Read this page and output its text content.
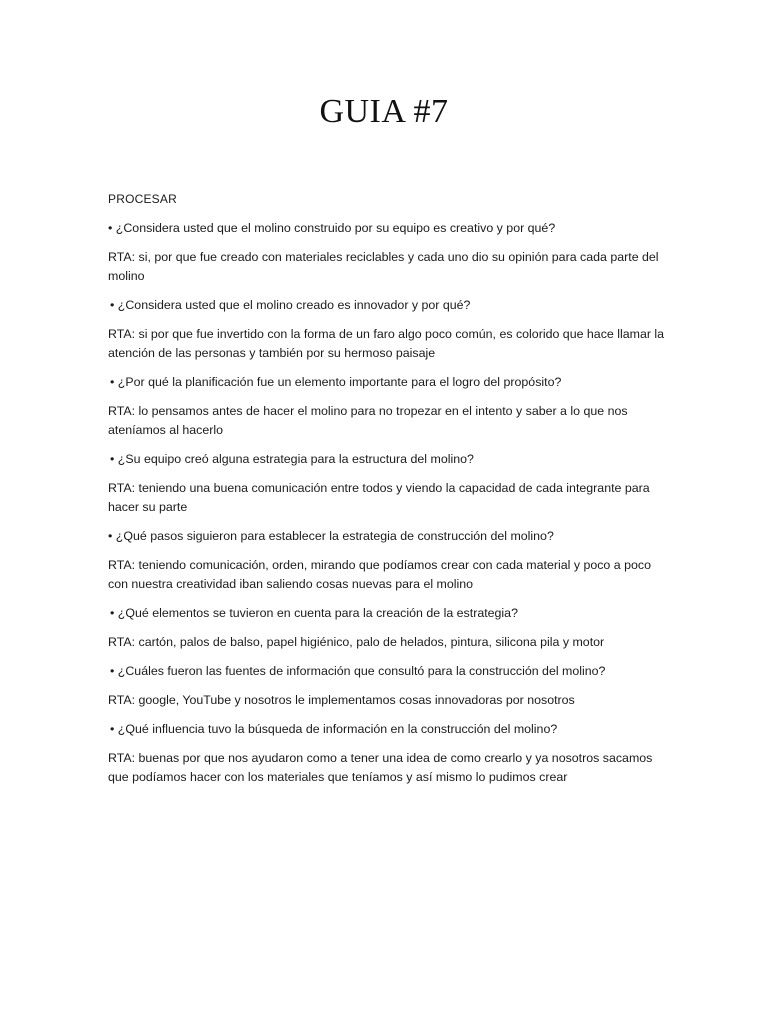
GUIA #7

PROCESAR

• ¿Considera usted que el molino construido por su equipo es creativo y por qué?

RTA: si, por que fue creado con materiales reciclables y cada uno dio su opinión para cada parte del molino

• ¿Considera usted que el molino creado es innovador y por qué?

RTA: si por que fue invertido con la forma de un faro algo poco común, es colorido que hace llamar la atención de las personas y también por su hermoso paisaje

• ¿Por qué la planificación fue un elemento importante para el logro del propósito?

RTA: lo pensamos antes de hacer el molino para no tropezar en el intento y saber a lo que nos ateníamos al hacerlo

• ¿Su equipo creó alguna estrategia para la estructura del molino?

RTA: teniendo una buena comunicación entre todos y viendo la capacidad de cada integrante para hacer su parte

• ¿Qué pasos siguieron para establecer la estrategia de construcción del molino?

RTA: teniendo comunicación, orden, mirando que podíamos crear con cada material y poco a poco con nuestra creatividad iban saliendo cosas nuevas para el molino

• ¿Qué elementos se tuvieron en cuenta para la creación de la estrategia?

RTA: cartón, palos de balso, papel higiénico, palo de helados, pintura, silicona pila y motor

• ¿Cuáles fueron las fuentes de información que consultó para la construcción del molino?

RTA: google, YouTube y nosotros le implementamos cosas innovadoras por nosotros

• ¿Qué influencia tuvo la búsqueda de información en la construcción del molino?

RTA: buenas por que nos ayudaron como a tener una idea de como crearlo y ya nosotros sacamos que podíamos hacer con los materiales que teníamos y así mismo lo pudimos crear
